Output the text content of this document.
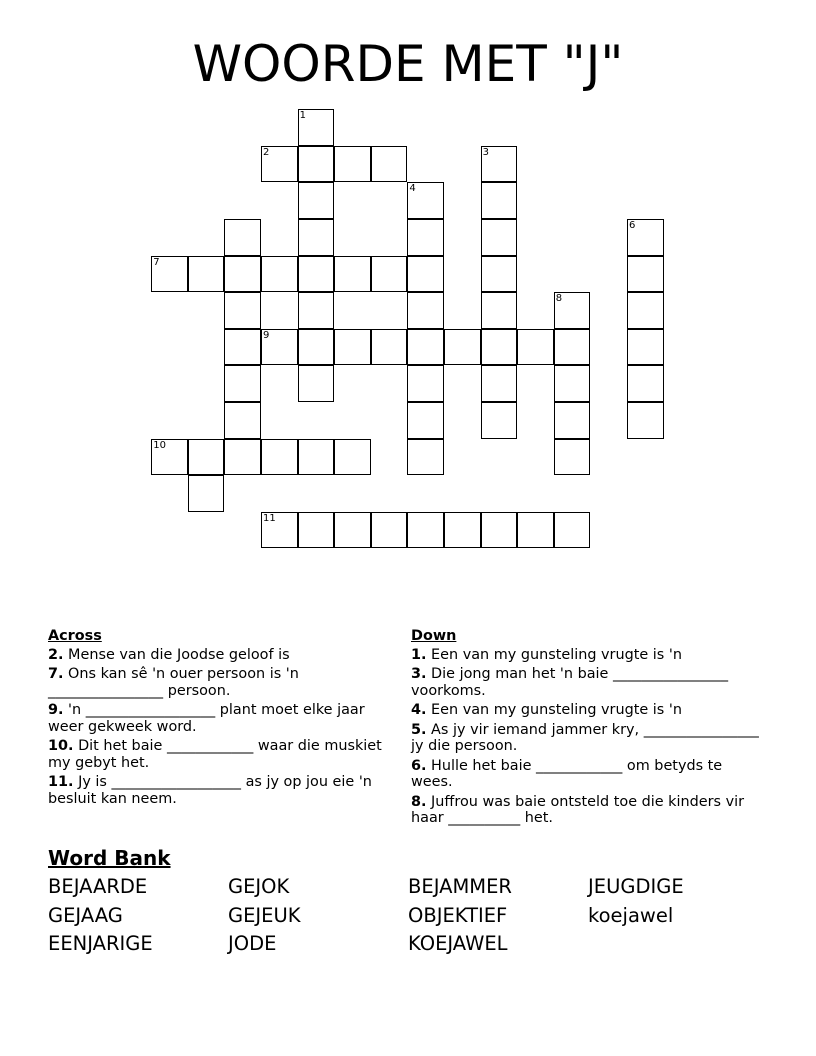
WOORDE MET "J"
1
2	3
4
6
7
8
9
10
11
Across
2. Mense van die Joodse geloof is
7. Ons kan sê 'n ouer persoon is 'n ________________ persoon.
9. 'n __________________ plant moet elke jaar weer gekweek word.
10. Dit het baie ____________ waar die muskiet my gebyt het.
11. Jy is __________________ as jy op jou eie 'n besluit kan neem.
Down
1. Een van my gunsteling vrugte is 'n
3. Die jong man het 'n baie ________________ voorkoms.
4. Een van my gunsteling vrugte is 'n
5. As jy vir iemand jammer kry, ________________ jy die persoon.
6. Hulle het baie ____________ om betyds te wees.
8. Juffrou was baie ontsteld toe die kinders vir haar __________ het.
Word Bank
BEJAARDE	GEJOK	BEJAMMER	JEUGDIGE
GEJAAG	GEJEUK	OBJEKTIEF	koejawel
EENJARIGE	JODE	KOEJAWEL
